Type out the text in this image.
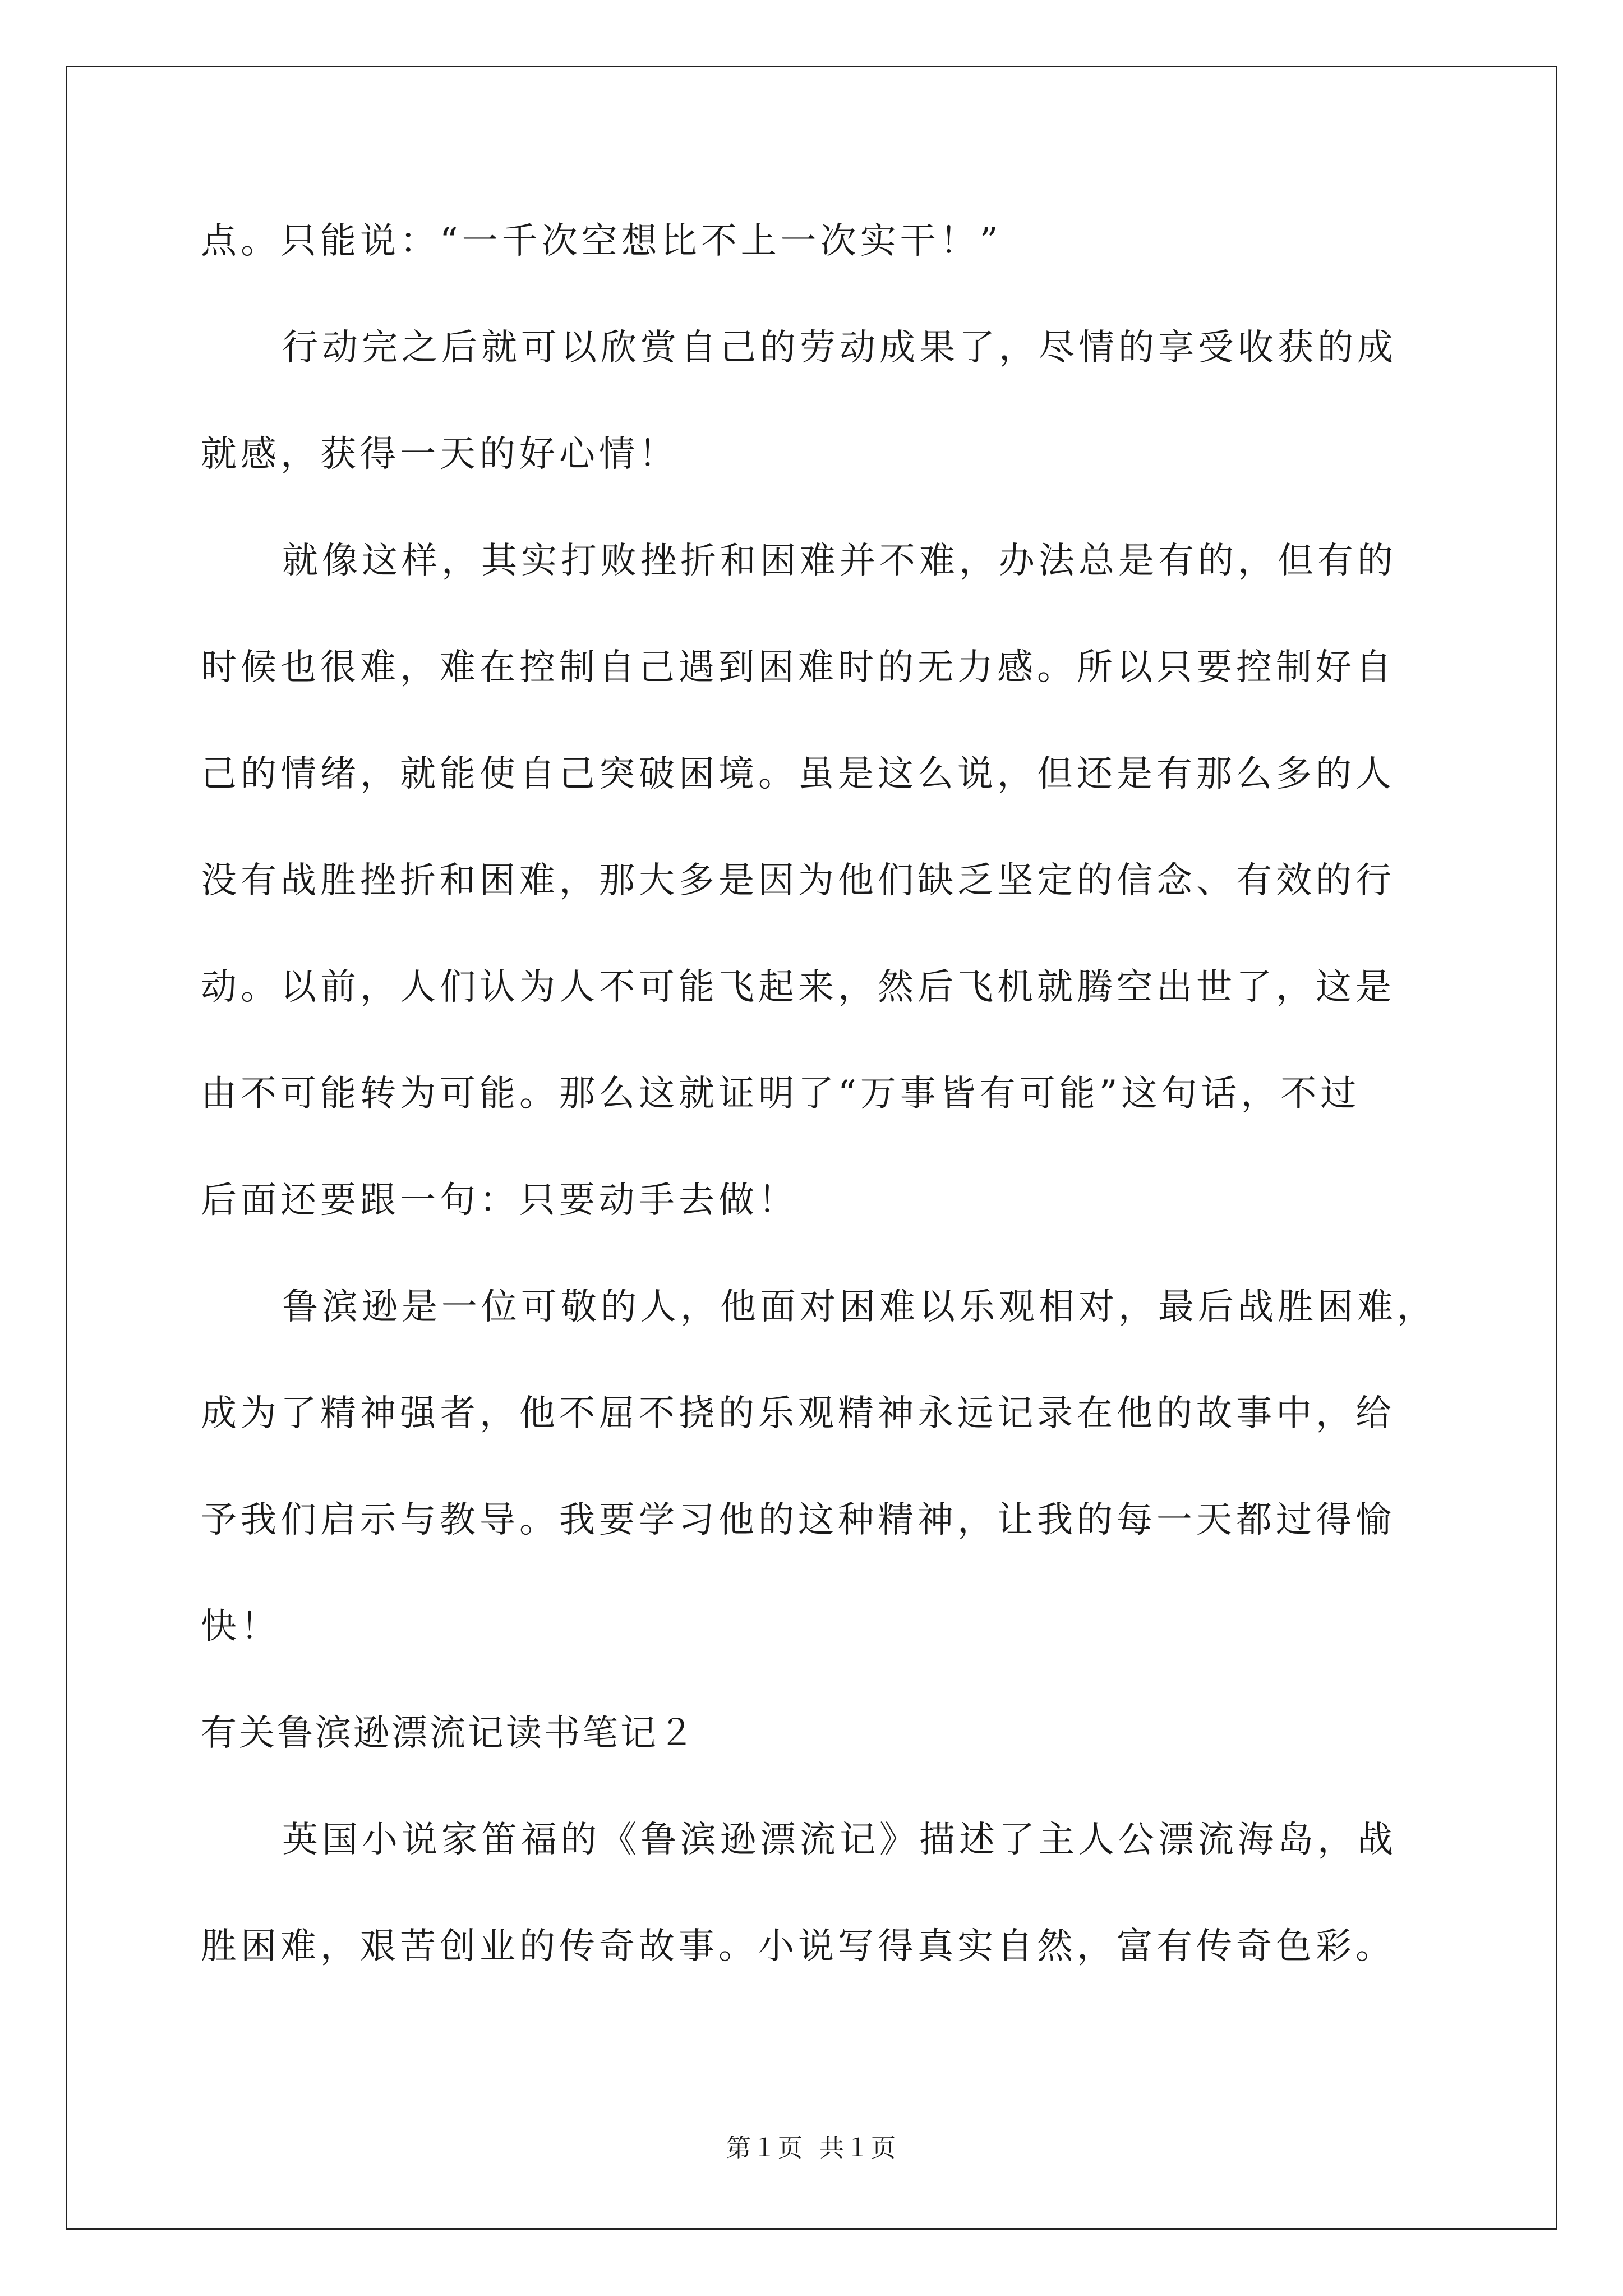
点。只能说：“一千次空想比不上一次实干！”
行动完之后就可以欣赏自己的劳动成果了，尽情的享受收获的成
就感，获得一天的好心情！
就像这样，其实打败挫折和困难并不难，办法总是有的，但有的
时候也很难，难在控制自己遇到困难时的无力感。所以只要控制好自
己的情绪，就能使自己突破困境。虽是这么说，但还是有那么多的人
没有战胜挫折和困难，那大多是因为他们缺乏坚定的信念、有效的行
动。以前，人们认为人不可能飞起来，然后飞机就腾空出世了，这是
由不可能转为可能。那么这就证明了“万事皆有可能”这句话，不过
后面还要跟一句：只要动手去做！
鲁滨逊是一位可敬的人，他面对困难以乐观相对，最后战胜困难，
成为了精神强者，他不屈不挠的乐观精神永远记录在他的故事中，给
予我们启示与教导。我要学习他的这种精神，让我的每一天都过得愉
快！
有关鲁滨逊漂流记读书笔记２
英国小说家笛福的《鲁滨逊漂流记》描述了主人公漂流海岛，战
胜困难，艰苦创业的传奇故事。小说写得真实自然，富有传奇色彩。
第１页 共１页
